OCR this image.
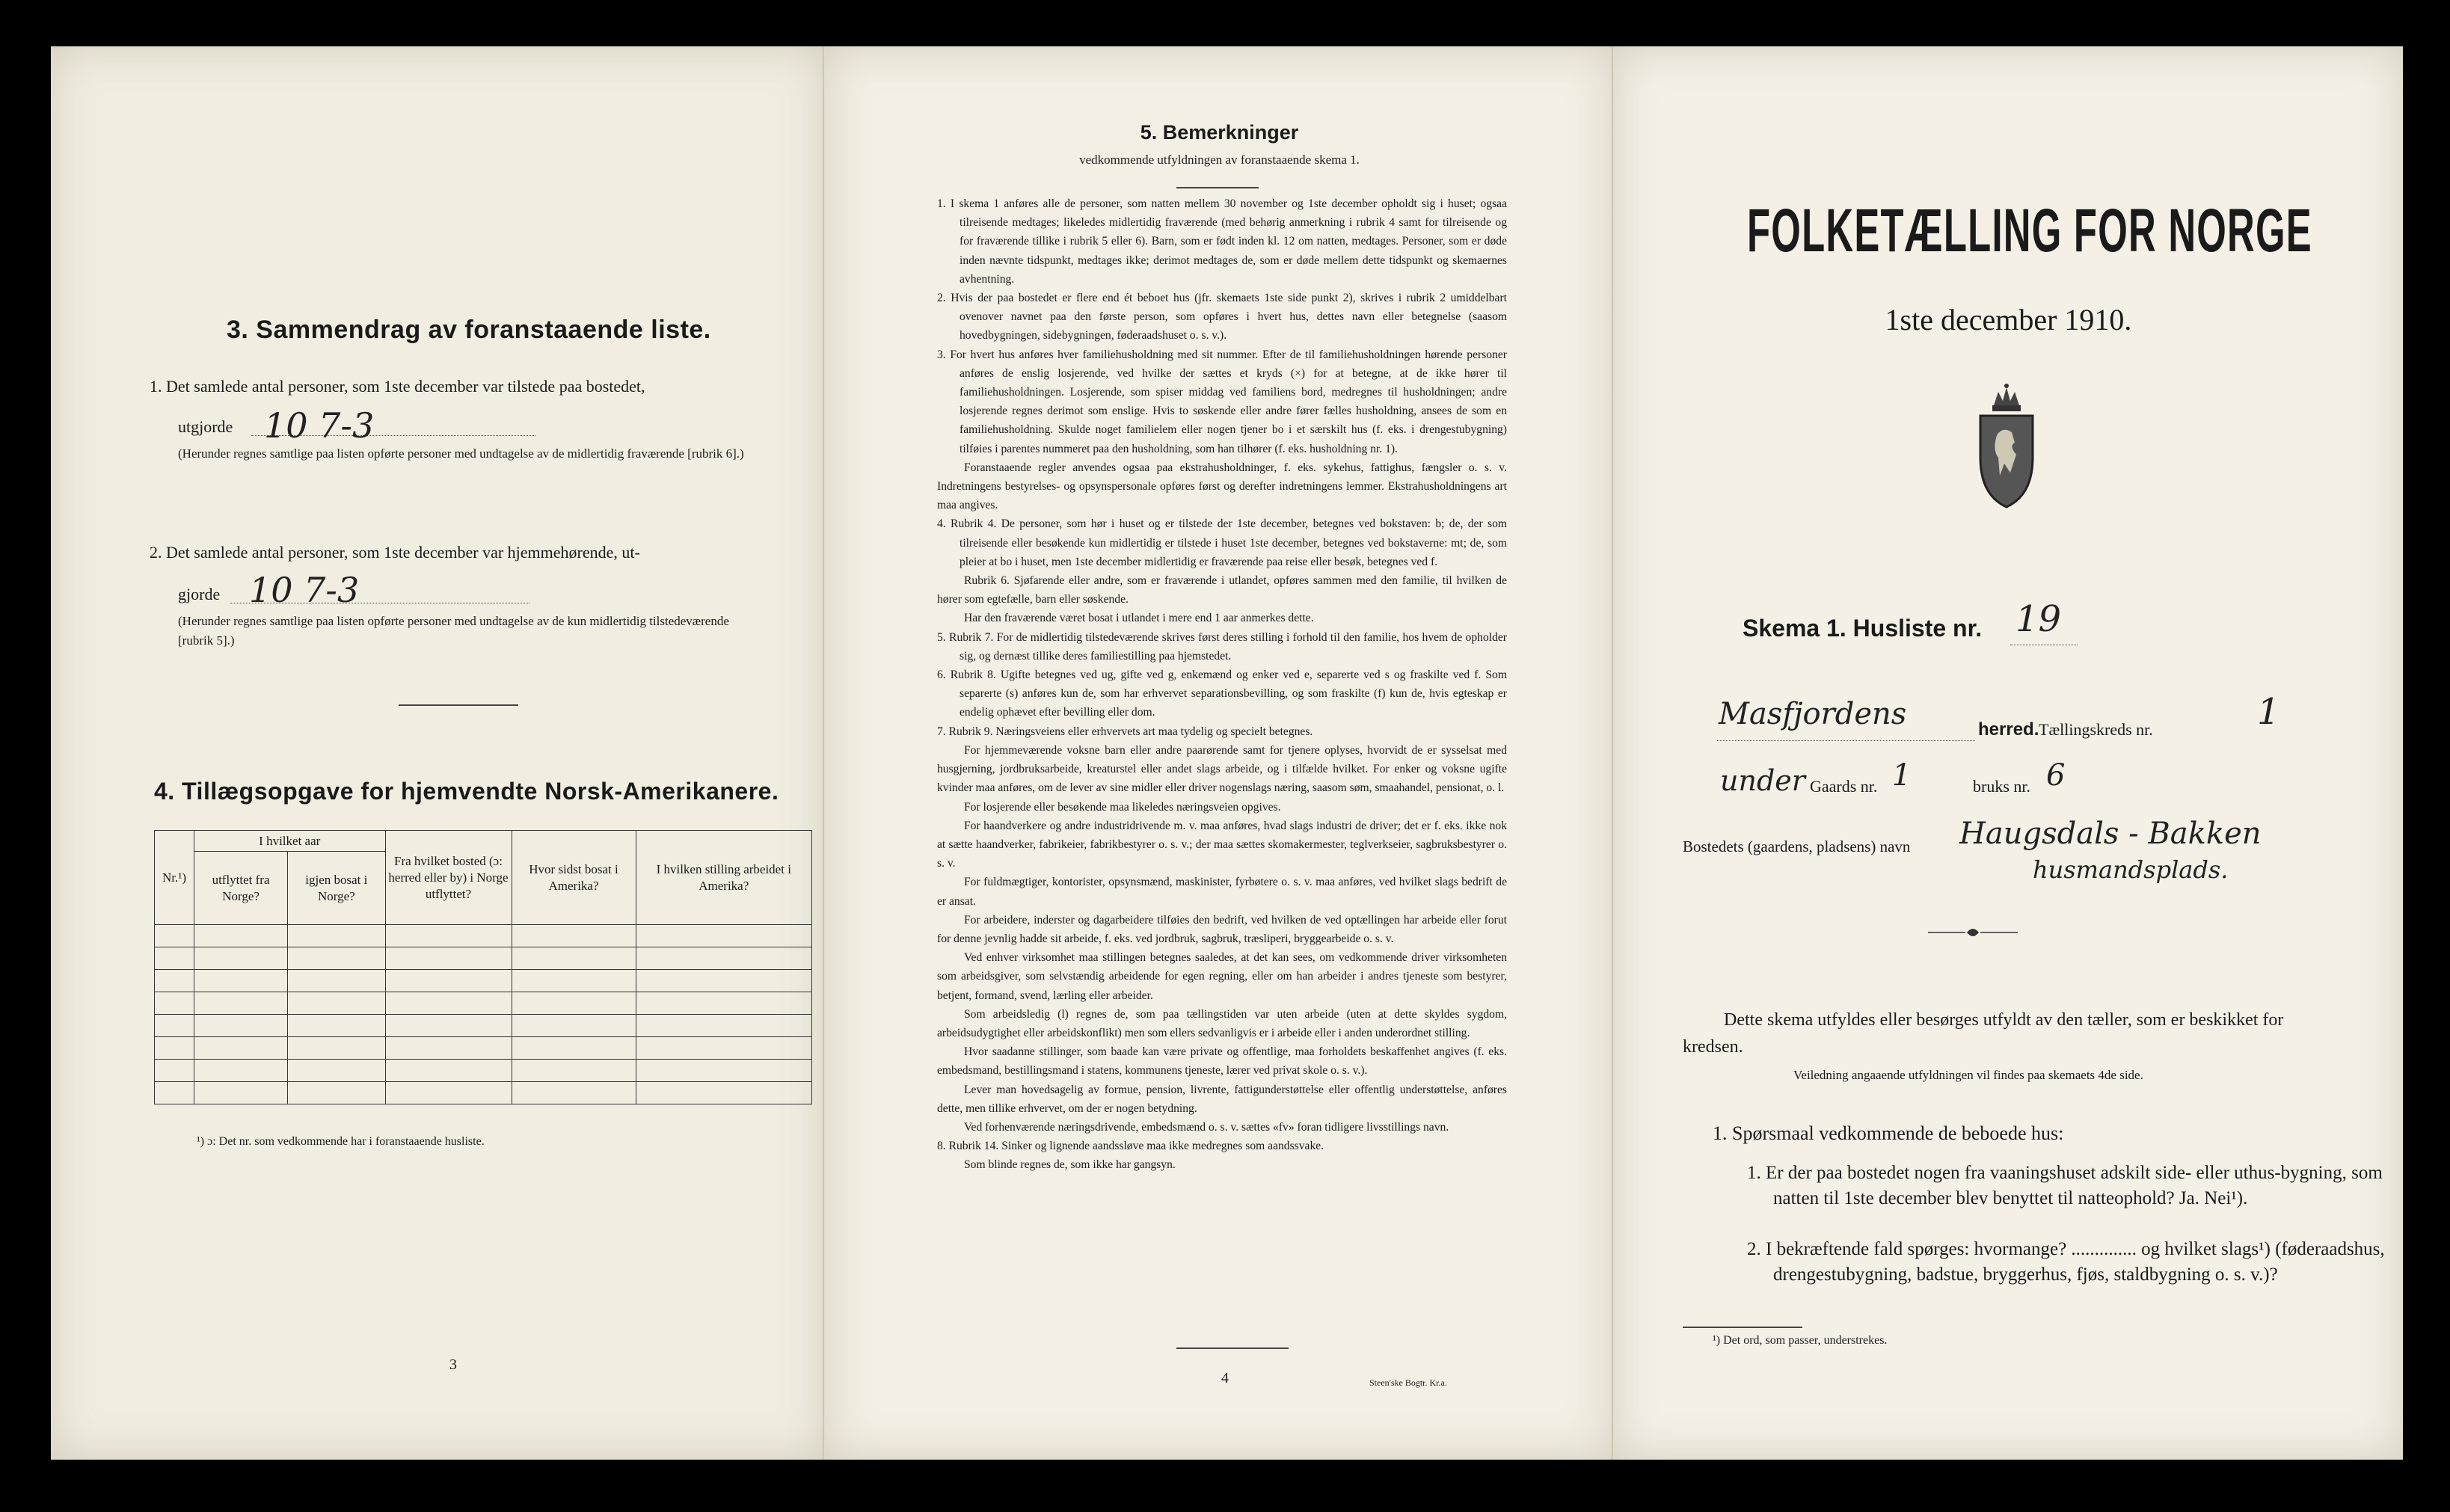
3. Sammendrag av foranstaaende liste.
1. Det samlede antal personer, som 1ste december var tilstede paa bostedet,
utgjorde 10 7-3
(Herunder regnes samtlige paa listen opførte personer med undtagelse av de midlertidig fraværende [rubrik 6].)
2. Det samlede antal personer, som 1ste december var hjemmehørende, ut-
gjorde 10 7-3
(Herunder regnes samtlige paa listen opførte personer med undtagelse av de kun midlertidig tilstedeværende [rubrik 5].)
4. Tillægsopgave for hjemvendte Norsk-Amerikanere.
Nr.¹)	I hvilket aar		Fra hvilket bosted (ɔ: herred eller by) i Norge utflyttet?	Hvor sidst bosat i Amerika?	I hvilken stilling arbeidet i Amerika?
	utflyttet fra Norge?	igjen bosat i Norge?			

¹) ɔ: Det nr. som vedkommende har i foranstaaende husliste.
3
5. Bemerkninger
vedkommende utfyldningen av foranstaaende skema 1.

1. I skema 1 anføres alle de personer, som natten mellem 30 november og 1ste december opholdt sig i huset; ogsaa tilreisende medtages; likeledes midlertidig fraværende (med behørig anmerkning i rubrik 4 samt for tilreisende og for fraværende tillike i rubrik 5 eller 6). Barn, som er født inden kl. 12 om natten, medtages. Personer, som er døde inden nævnte tidspunkt, medtages ikke; derimot medtages de, som er døde mellem dette tidspunkt og skemaernes avhentning.

2. Hvis der paa bostedet er flere end ét beboet hus (jfr. skemaets 1ste side punkt 2), skrives i rubrik 2 umiddelbart ovenover navnet paa den første person, som opføres i hvert hus, dettes navn eller betegnelse (saasom hovedbygningen, sidebygningen, føderaadshuset o. s. v.).

3. For hvert hus anføres hver familiehusholdning med sit nummer. Efter de til familiehusholdningen hørende personer anføres de enslig losjerende, ved hvilke der sættes et kryds (×) for at betegne, at de ikke hører til familiehusholdningen. Losjerende, som spiser middag ved familiens bord, medregnes til husholdningen; andre losjerende regnes derimot som enslige. Hvis to søskende eller andre fører fælles husholdning, ansees de som en familiehusholdning. Skulde noget familielem eller nogen tjener bo i et særskilt hus (f. eks. i drengestubygning) tilføies i parentes nummeret paa den husholdning, som han tilhører (f. eks. husholdning nr. 1).

Foranstaaende regler anvendes ogsaa paa ekstrahusholdninger, f. eks. sykehus, fattighus, fængsler o. s. v. Indretningens bestyrelses- og opsynspersonale opføres først og derefter indretningens lemmer. Ekstrahusholdningens art maa angives.

4. Rubrik 4. De personer, som hør i huset og er tilstede der 1ste december, betegnes ved bokstaven: b; de, der som tilreisende eller besøkende kun midlertidig er tilstede i huset 1ste december, betegnes ved bokstaverne: mt; de, som pleier at bo i huset, men 1ste december midlertidig er fraværende paa reise eller besøk, betegnes ved f.

Rubrik 6. Sjøfarende eller andre, som er fraværende i utlandet, opføres sammen med den familie, til hvilken de hører som egtefælle, barn eller søskende.

Har den fraværende været bosat i utlandet i mere end 1 aar anmerkes dette.

5. Rubrik 7. For de midlertidig tilstedeværende skrives først deres stilling i forhold til den familie, hos hvem de opholder sig, og dernæst tillike deres familiestilling paa hjemstedet.

6. Rubrik 8. Ugifte betegnes ved ug, gifte ved g, enkemænd og enker ved e, separerte ved s og fraskilte ved f. Som separerte (s) anføres kun de, som har erhvervet separationsbevilling, og som fraskilte (f) kun de, hvis egteskap er endelig ophævet efter bevilling eller dom.

7. Rubrik 9. Næringsveiens eller erhvervets art maa tydelig og specielt betegnes.

For hjemmeværende voksne barn eller andre paarørende samt for tjenere oplyses, hvorvidt de er sysselsat med husgjerning, jordbruksarbeide, kreaturstel eller andet slags arbeide, og i tilfælde hvilket. For enker og voksne ugifte kvinder maa anføres, om de lever av sine midler eller driver nogenslags næring, saasom søm, smaahandel, pensionat, o. l.

For losjerende eller besøkende maa likeledes næringsveien opgives.

For haandverkere og andre industridrivende m. v. maa anføres, hvad slags industri de driver; det er f. eks. ikke nok at sætte haandverker, fabrikeier, fabrikbestyrer o. s. v.; der maa sættes skomakermester, teglverkseier, sagbruksbestyrer o. s. v.

For fuldmægtiger, kontorister, opsynsmænd, maskinister, fyrbøtere o. s. v. maa anføres, ved hvilket slags bedrift de er ansat.

For arbeidere, inderster og dagarbeidere tilføies den bedrift, ved hvilken de ved optællingen har arbeide eller forut for denne jevnlig hadde sit arbeide, f. eks. ved jordbruk, sagbruk, træsliperi, bryggearbeide o. s. v.

Ved enhver virksomhet maa stillingen betegnes saaledes, at det kan sees, om vedkommende driver virksomheten som arbeidsgiver, som selvstændig arbeidende for egen regning, eller om han arbeider i andres tjeneste som bestyrer, betjent, formand, svend, lærling eller arbeider.

Som arbeidsledig (l) regnes de, som paa tællingstiden var uten arbeide (uten at dette skyldes sygdom, arbeidsudygtighet eller arbeidskonflikt) men som ellers sedvanligvis er i arbeide eller i anden underordnet stilling.

Hvor saadanne stillinger, som baade kan være private og offentlige, maa forholdets beskaffenhet angives (f. eks. embedsmand, bestillingsmand i statens, kommunens tjeneste, lærer ved privat skole o. s. v.).

Lever man hovedsagelig av formue, pension, livrente, fattigunderstøttelse eller offentlig understøttelse, anføres dette, men tillike erhvervet, om der er nogen betydning.

Ved forhenværende næringsdrivende, embedsmænd o. s. v. sættes «fv» foran tidligere livsstillings navn.

8. Rubrik 14. Sinker og lignende aandssløve maa ikke medregnes som aandssvake.

Som blinde regnes de, som ikke har gangsyn.

4	Steen'ske Bogtr. Kr.a.
FOLKETÆLLING FOR NORGE
1ste december 1910.
Skema 1. Husliste nr. 19
Masfjordens	herred. Tællingskreds nr.	1
under Gaards nr. 1	bruks nr. 6
Bostedets (gaardens, pladsens) navn Haugsdals - Bakken
husmandsplads.
Dette skema utfyldes eller besørges utfyldt av den tæller, som er beskikket for kredsen.
Veiledning angaaende utfyldningen vil findes paa skemaets 4de side.
1. Spørsmaal vedkommende de beboede hus:
1. Er der paa bostedet nogen fra vaaningshuset adskilt side- eller uthus-bygning, som natten til 1ste december blev benyttet til natteophold? Ja. Nei¹).
2. I bekræftende fald spørges: hvormange? .............. og hvilket slags¹) (føderaadshus, drengestubygning, badstue, bryggerhus, fjøs, staldbygning o. s. v.)?
¹) Det ord, som passer, understrekes.
